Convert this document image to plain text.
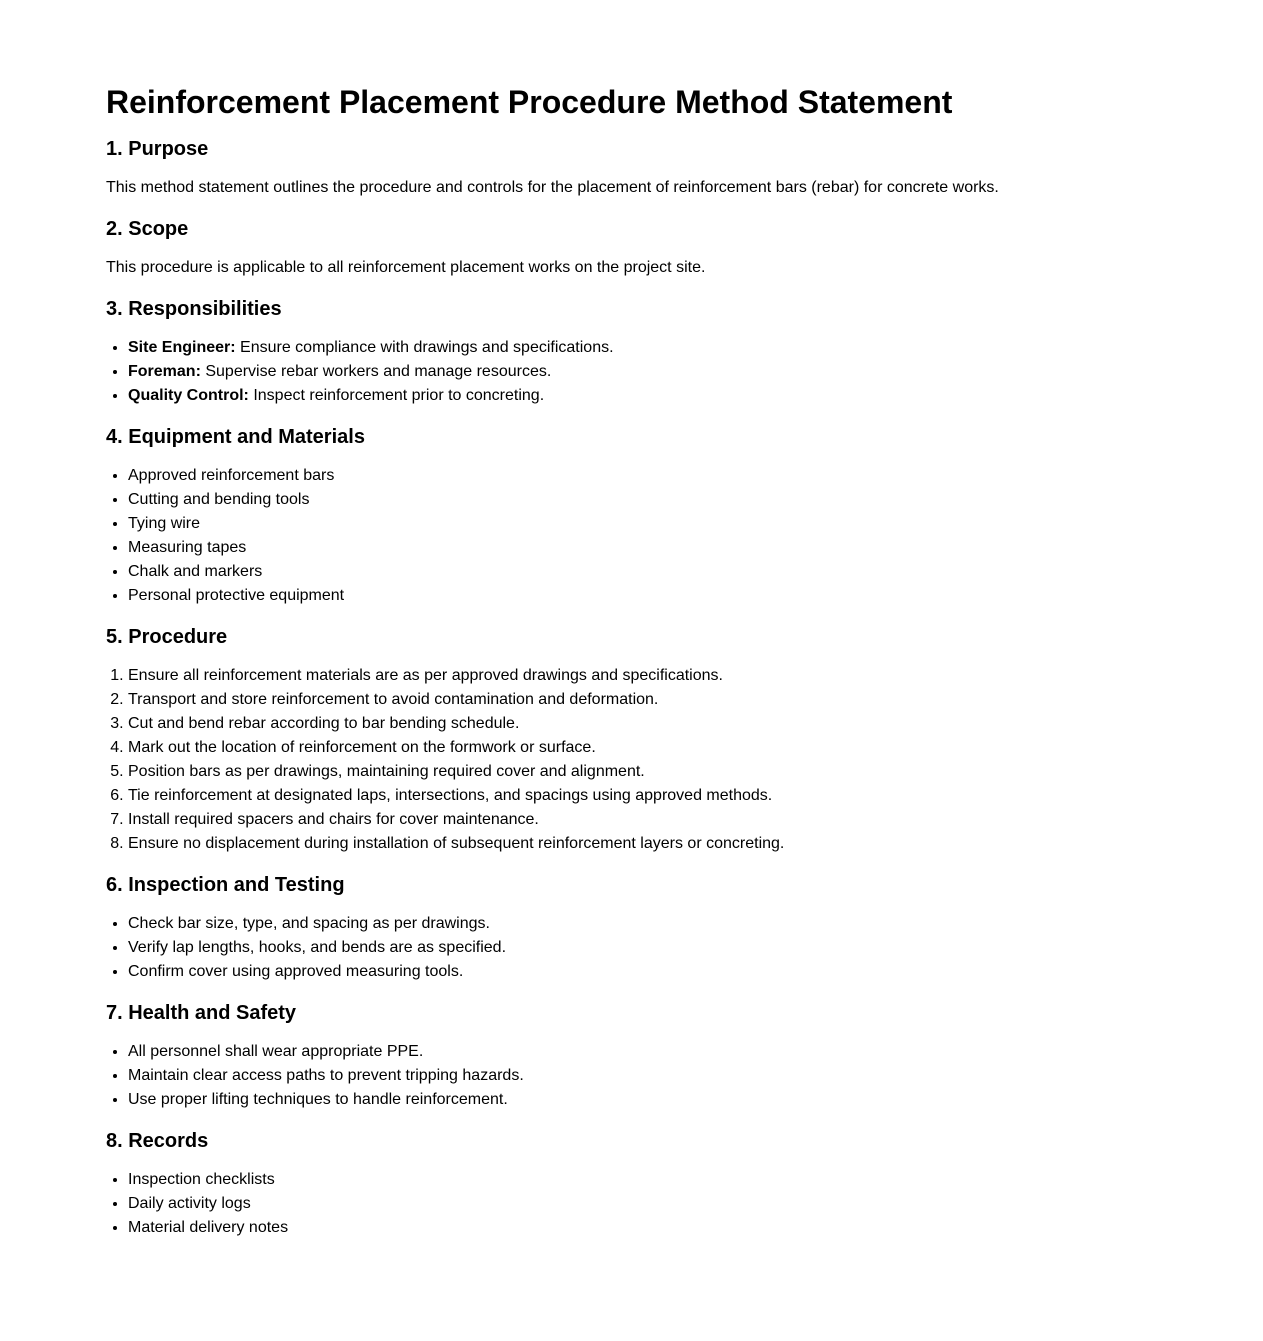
Reinforcement Placement Procedure Method Statement
1. Purpose

This method statement outlines the procedure and controls for the placement of reinforcement bars (rebar) for concrete works.

2. Scope

This procedure is applicable to all reinforcement placement works on the project site.

3. Responsibilities
• Site Engineer: Ensure compliance with drawings and specifications.
• Foreman: Supervise rebar workers and manage resources.
• Quality Control: Inspect reinforcement prior to concreting.
4. Equipment and Materials
• Approved reinforcement bars
• Cutting and bending tools
• Tying wire
• Measuring tapes
• Chalk and markers
• Personal protective equipment
5. Procedure
1. Ensure all reinforcement materials are as per approved drawings and specifications.
2. Transport and store reinforcement to avoid contamination and deformation.
3. Cut and bend rebar according to bar bending schedule.
4. Mark out the location of reinforcement on the formwork or surface.
5. Position bars as per drawings, maintaining required cover and alignment.
6. Tie reinforcement at designated laps, intersections, and spacings using approved methods.
7. Install required spacers and chairs for cover maintenance.
8. Ensure no displacement during installation of subsequent reinforcement layers or concreting.
6. Inspection and Testing
• Check bar size, type, and spacing as per drawings.
• Verify lap lengths, hooks, and bends are as specified.
• Confirm cover using approved measuring tools.
7. Health and Safety
• All personnel shall wear appropriate PPE.
• Maintain clear access paths to prevent tripping hazards.
• Use proper lifting techniques to handle reinforcement.
8. Records
• Inspection checklists
• Daily activity logs
• Material delivery notes
